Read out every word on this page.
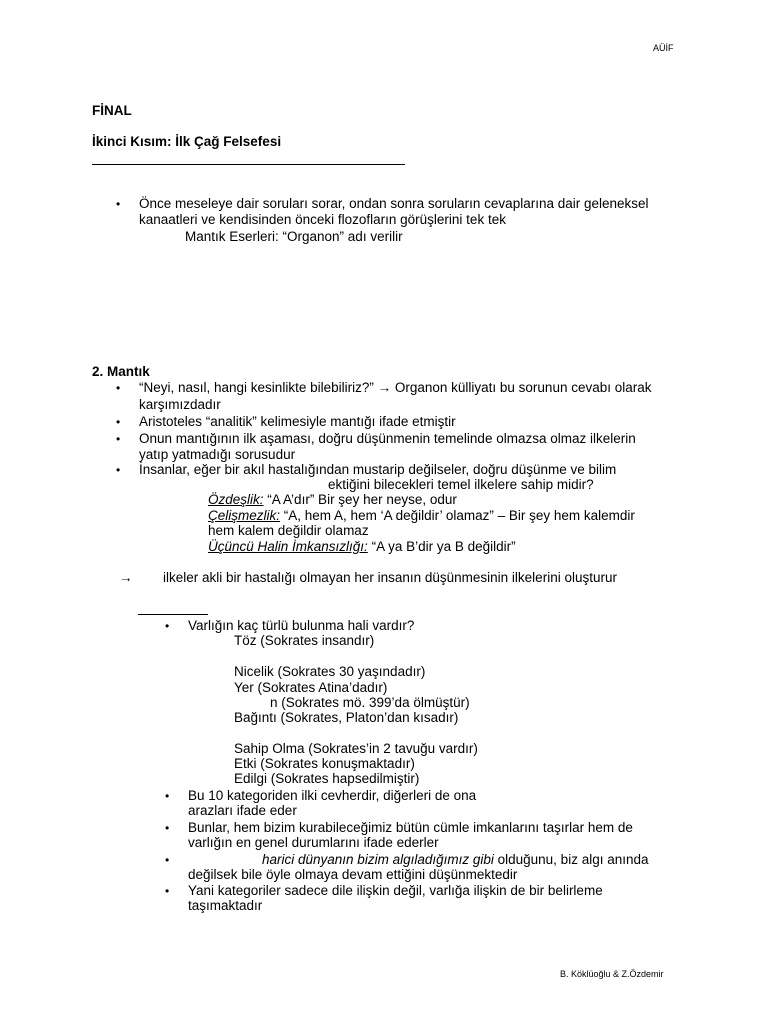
AÜİF
B. Köklüoğlu & Z.Özdemir
FİNAL
İkinci Kısım: İlk Çağ Felsefesi
• Önce meseleye dair soruları sorar, ondan sonra soruların cevaplarına dair geleneksel
kanaatleri ve kendisinden önceki flozofların görüşlerini tek tek
Mantık Eserleri: “Organon” adı verilir
2. Mantık
• “Neyi, nasıl, hangi kesinlikte bilebiliriz?” → Organon külliyatı bu sorunun cevabı olarak
karşımızdadır
• Aristoteles “analitik” kelimesiyle mantığı ifade etmiştir
• Onun mantığının ilk aşaması, doğru düşünmenin temelinde olmazsa olmaz ilkelerin
yatıp yatmadığı sorusudur
• İnsanlar, eğer bir akıl hastalığından mustarip değilseler, doğru düşünme ve bilim
ektiğini bilecekleri temel ilkelere sahip midir?
Özdeşlik: “A A’dır” Bir şey her neyse, odur
Çelişmezlik: “A, hem A, hem ‘A değildir’ olamaz” – Bir şey hem kalemdir
hem kalem değildir olamaz
Üçüncü Halin İmkansızlığı: “A ya B’dir ya B değildir”
→ ilkeler akli bir hastalığı olmayan her insanın düşünmesinin ilkelerini oluşturur
• Varlığın kaç türlü bulunma hali vardır?
Töz (Sokrates insandır)
Nicelik (Sokrates 30 yaşındadır)
Yer (Sokrates Atina’dadır)
n (Sokrates mö. 399’da ölmüştür)
Bağıntı (Sokrates, Platon’dan kısadır)
Sahip Olma (Sokrates’in 2 tavuğu vardır)
Etki (Sokrates konuşmaktadır)
Edilgi (Sokrates hapsedilmiştir)
• Bu 10 kategoriden ilki cevherdir, diğerleri de ona
arazları ifade eder
• Bunlar, hem bizim kurabileceğimiz bütün cümle imkanlarını taşırlar hem de
varlığın en genel durumlarını ifade ederler
•	harici dünyanın bizim algıladığımız gibi olduğunu, biz algı anında
değilsek bile öyle olmaya devam ettiğini düşünmektedir
• Yani kategoriler sadece dile ilişkin değil, varlığa ilişkin de bir belirleme
taşımaktadır
